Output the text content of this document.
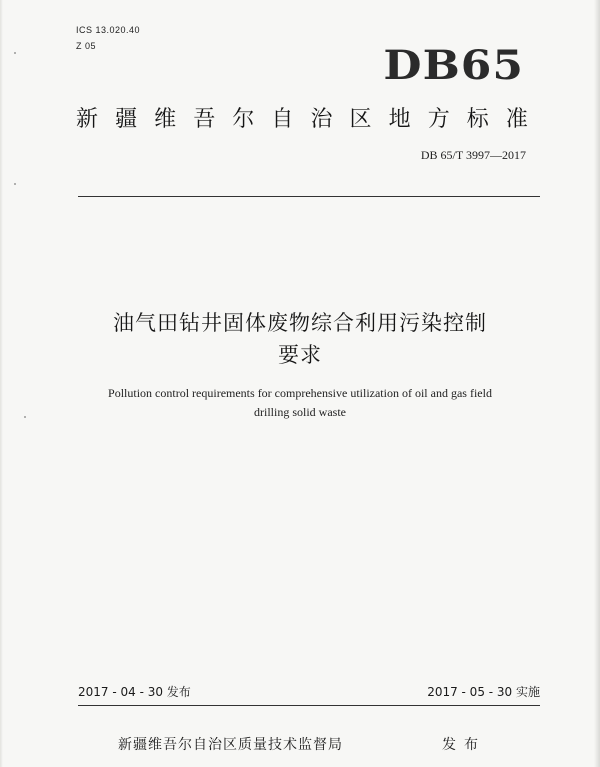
ICS 13.020.40
Z 05	DB65
新 疆 维 吾 尔 自 治 区 地 方 标 准
DB 65/T 3997—2017
油气田钻井固体废物综合利用污染控制
要求
Pollution control requirements for comprehensive utilization of oil and gas field
drilling solid waste
2017 - 04 - 30 发布	2017 - 05 - 30 实施
新疆维吾尔自治区质量技术监督局	发布
